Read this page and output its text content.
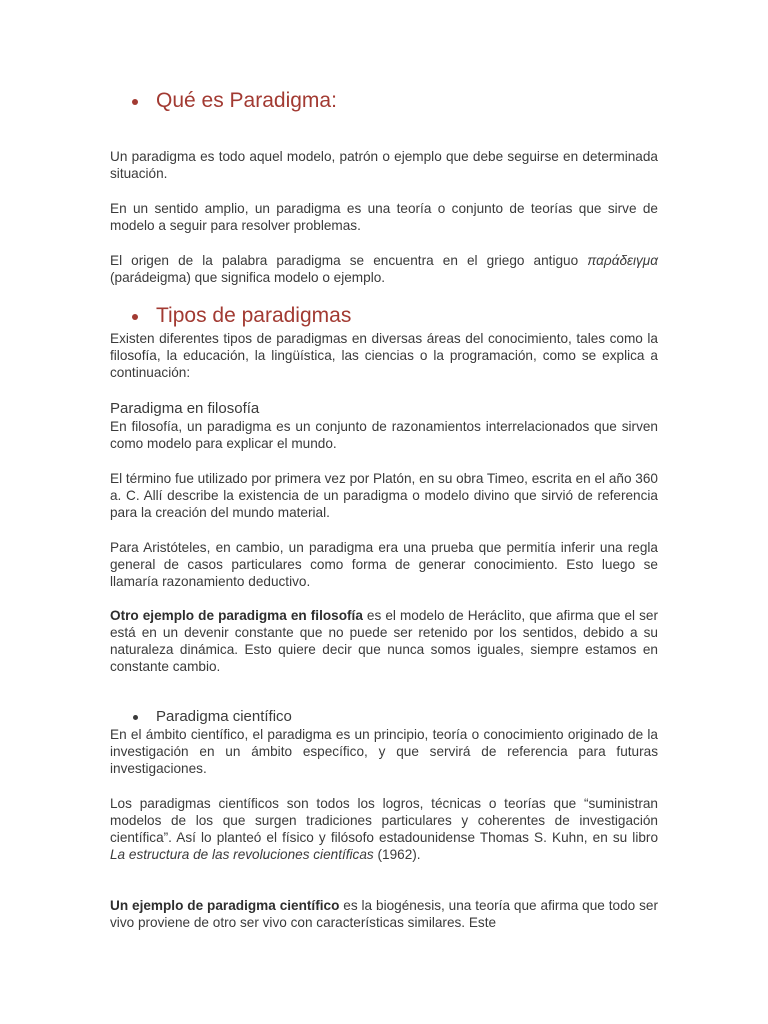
Qué es Paradigma:

Un paradigma es todo aquel modelo, patrón o ejemplo que debe seguirse en determinada situación.

En un sentido amplio, un paradigma es una teoría o conjunto de teorías que sirve de modelo a seguir para resolver problemas.

El origen de la palabra paradigma se encuentra en el griego antiguo παράδειγμα (parádeigma) que significa modelo o ejemplo.

Tipos de paradigmas

Existen diferentes tipos de paradigmas en diversas áreas del conocimiento, tales como la filosofía, la educación, la lingüística, las ciencias o la programación, como se explica a continuación:

Paradigma en filosofía

En filosofía, un paradigma es un conjunto de razonamientos interrelacionados que sirven como modelo para explicar el mundo.

El término fue utilizado por primera vez por Platón, en su obra Timeo, escrita en el año 360 a. C. Allí describe la existencia de un paradigma o modelo divino que sirvió de referencia para la creación del mundo material.

Para Aristóteles, en cambio, un paradigma era una prueba que permitía inferir una regla general de casos particulares como forma de generar conocimiento. Esto luego se llamaría razonamiento deductivo.

Otro ejemplo de paradigma en filosofía es el modelo de Heráclito, que afirma que el ser está en un devenir constante que no puede ser retenido por los sentidos, debido a su naturaleza dinámica. Esto quiere decir que nunca somos iguales, siempre estamos en constante cambio.

Paradigma científico

En el ámbito científico, el paradigma es un principio, teoría o conocimiento originado de la investigación en un ámbito específico, y que servirá de referencia para futuras investigaciones.

Los paradigmas científicos son todos los logros, técnicas o teorías que “suministran modelos de los que surgen tradiciones particulares y coherentes de investigación científica”. Así lo planteó el físico y filósofo estadounidense Thomas S. Kuhn, en su libro La estructura de las revoluciones científicas (1962).

Un ejemplo de paradigma científico es la biogénesis, una teoría que afirma que todo ser vivo proviene de otro ser vivo con características similares. Este
